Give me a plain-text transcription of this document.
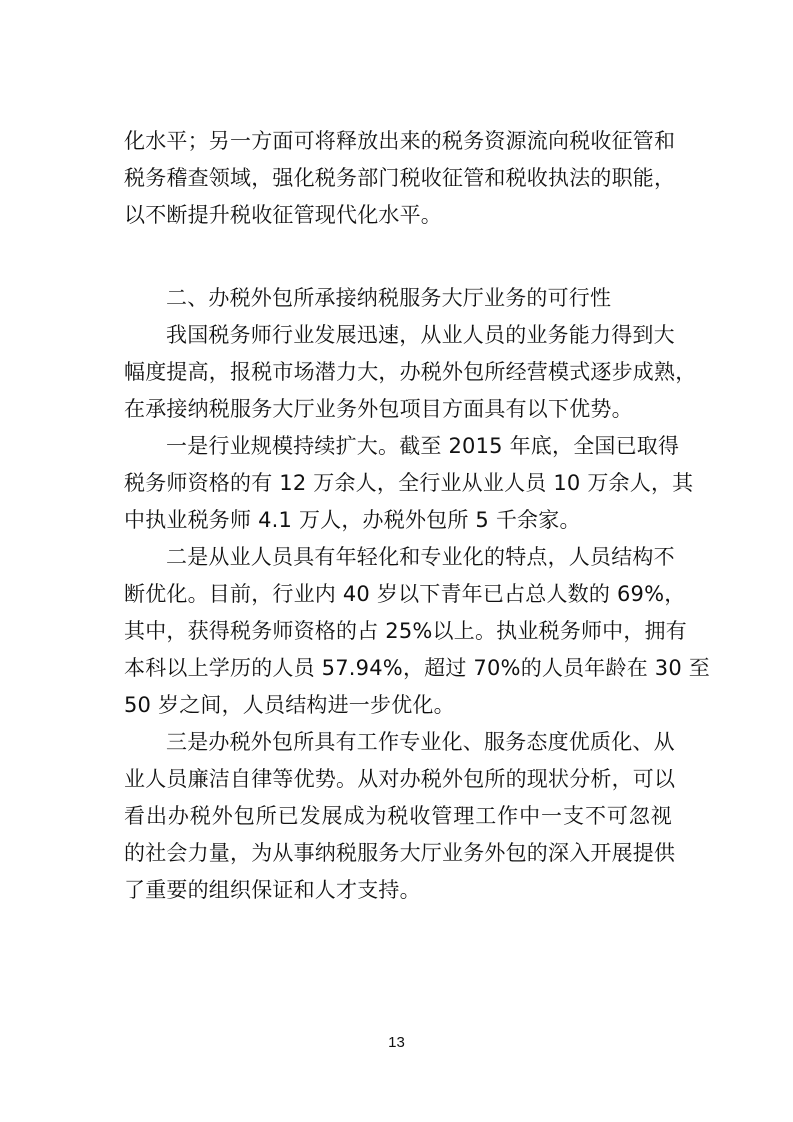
化水平；另一方面可将释放出来的税务资源流向税收征管和
税务稽查领域，强化税务部门税收征管和税收执法的职能，
以不断提升税收征管现代化水平。
二、办税外包所承接纳税服务大厅业务的可行性
我国税务师行业发展迅速，从业人员的业务能力得到大
幅度提高，报税市场潜力大，办税外包所经营模式逐步成熟，
在承接纳税服务大厅业务外包项目方面具有以下优势。
一是行业规模持续扩大。截至 2015 年底，全国已取得
税务师资格的有 12 万余人，全行业从业人员 10 万余人，其
中执业税务师 4.1 万人，办税外包所 5 千余家。
二是从业人员具有年轻化和专业化的特点，人员结构不
断优化。目前，行业内 40 岁以下青年已占总人数的 69%，
其中，获得税务师资格的占 25%以上。执业税务师中，拥有
本科以上学历的人员 57.94%，超过 70%的人员年龄在 30 至
50 岁之间，人员结构进一步优化。
三是办税外包所具有工作专业化、服务态度优质化、从
业人员廉洁自律等优势。从对办税外包所的现状分析，可以
看出办税外包所已发展成为税收管理工作中一支不可忽视
的社会力量，为从事纳税服务大厅业务外包的深入开展提供
了重要的组织保证和人才支持。
13
